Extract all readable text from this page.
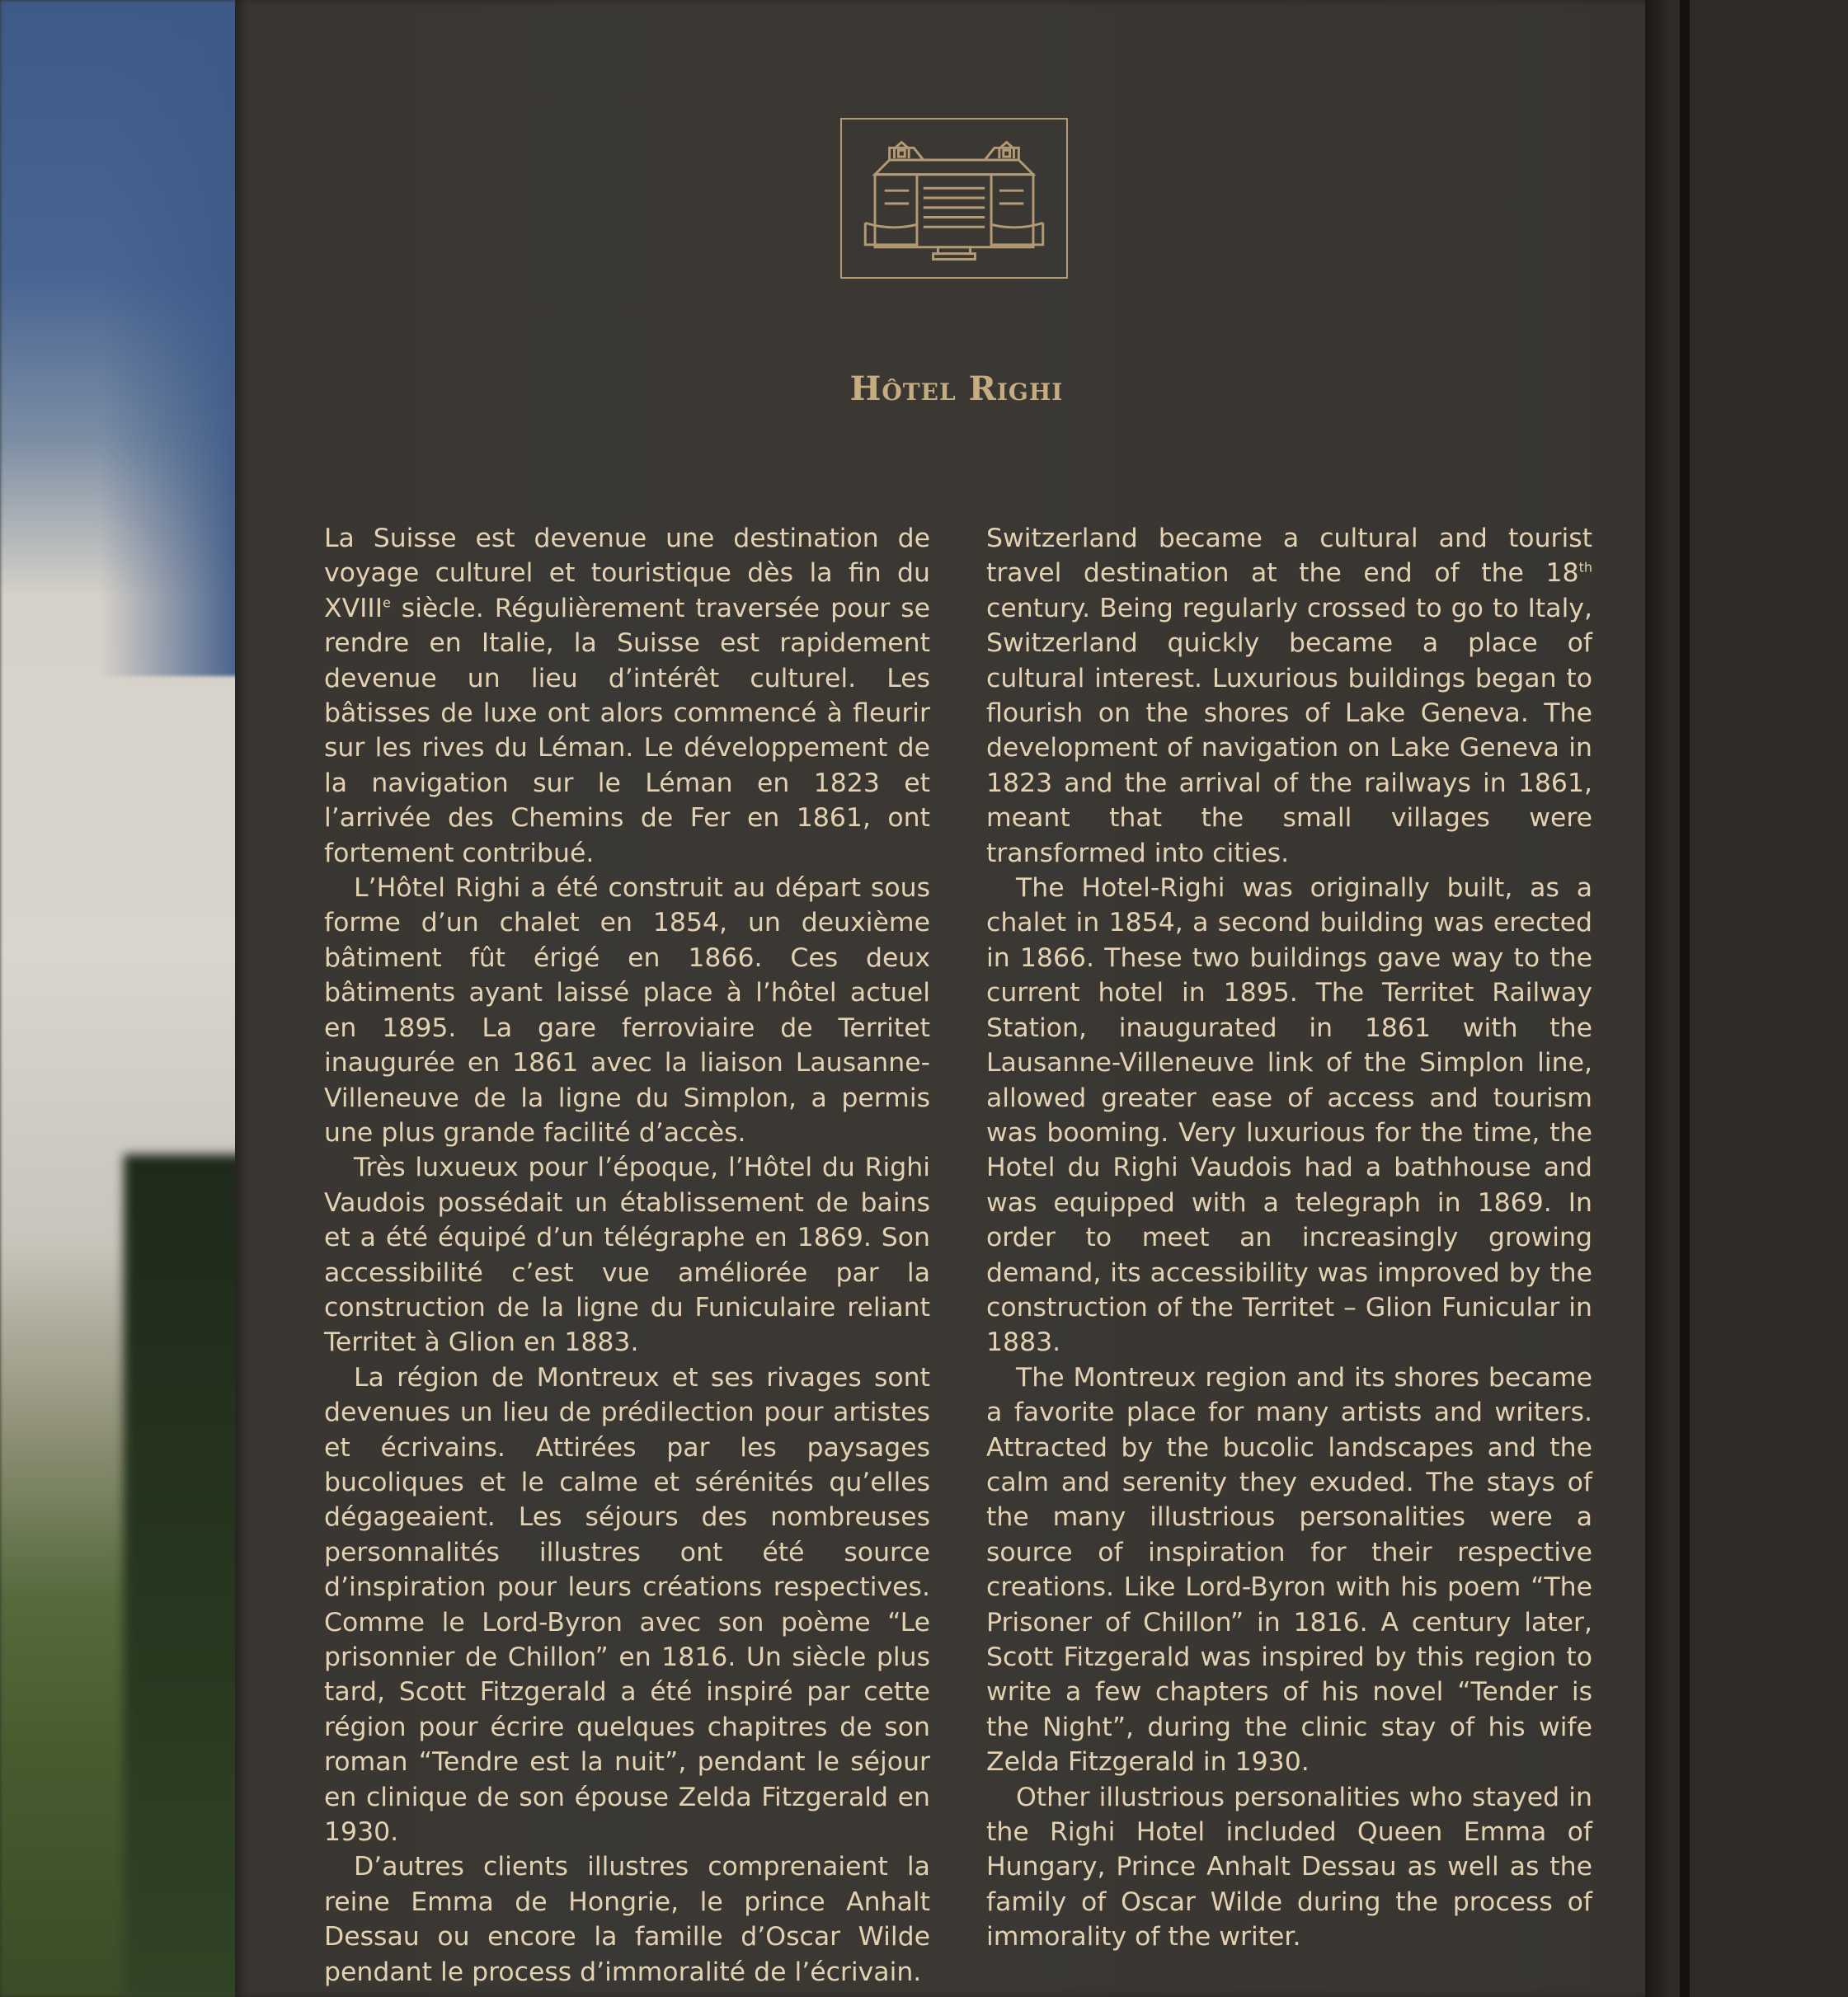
Hôtel Righi

La Suisse est devenue une destination de voyage culturel et touristique dès la fin du XVIIIe siècle. Régulièrement traversée pour se rendre en Italie, la Suisse est rapidement devenue un lieu d’intérêt culturel. Les bâtisses de luxe ont alors commencé à fleurir sur les rives du Léman. Le développement de la navigation sur le Léman en 1823 et l’arrivée des Chemins de Fer en 1861, ont fortement contribué.

L’Hôtel Righi a été construit au départ sous forme d’un chalet en 1854, un deuxième bâtiment fût érigé en 1866. Ces deux bâtiments ayant laissé place à l’hôtel actuel en 1895. La gare ferroviaire de Territet inaugurée en 1861 avec la liaison Lausanne-Villeneuve de la ligne du Simplon, a permis une plus grande facilité d’accès.

Très luxueux pour l’époque, l’Hôtel du Righi Vaudois possédait un établissement de bains et a été équipé d’un télégraphe en 1869. Son accessibilité c’est vue améliorée par la construction de la ligne du Funiculaire reliant Territet à Glion en 1883.

La région de Montreux et ses rivages sont devenues un lieu de prédilection pour artistes et écrivains. Attirées par les paysages bucoliques et le calme et sérénités qu’elles dégageaient. Les séjours des nombreuses personnalités illustres ont été source d’inspiration pour leurs créations respectives. Comme le Lord-Byron avec son poème “Le prisonnier de Chillon” en 1816. Un siècle plus tard, Scott Fitzgerald a été inspiré par cette région pour écrire quelques chapitres de son roman “Tendre est la nuit”, pendant le séjour en clinique de son épouse Zelda Fitzgerald en 1930.

D’autres clients illustres comprenaient la reine Emma de Hongrie, le prince Anhalt Dessau ou encore la famille d’Oscar Wilde pendant le process d’immoralité de l’écrivain.

Switzerland became a cultural and tourist travel destination at the end of the 18th century. Being regularly crossed to go to Italy, Switzerland quickly became a place of cultural interest. Luxurious buildings began to flourish on the shores of Lake Geneva. The development of navigation on Lake Geneva in 1823 and the arrival of the railways in 1861, meant that the small villages were transformed into cities.

The Hotel-Righi was originally built, as a chalet in 1854, a second building was erected in 1866. These two buildings gave way to the current hotel in 1895. The Territet Railway Station, inaugurated in 1861 with the Lausanne-Villeneuve link of the Simplon line, allowed greater ease of access and tourism was booming. Very luxurious for the time, the Hotel du Righi Vaudois had a bathhouse and was equipped with a telegraph in 1869. In order to meet an increasingly growing demand, its accessibility was improved by the construction of the Territet – Glion Funicular in 1883.

The Montreux region and its shores became a favorite place for many artists and writers. Attracted by the bucolic landscapes and the calm and serenity they exuded. The stays of the many illustrious personalities were a source of inspiration for their respective creations. Like Lord-Byron with his poem “The Prisoner of Chillon” in 1816. A century later, Scott Fitzgerald was inspired by this region to write a few chapters of his novel “Tender is the Night”, during the clinic stay of his wife Zelda Fitzgerald in 1930.

Other illustrious personalities who stayed in the Righi Hotel included Queen Emma of Hungary, Prince Anhalt Dessau as well as the family of Oscar Wilde during the process of immorality of the writer.
